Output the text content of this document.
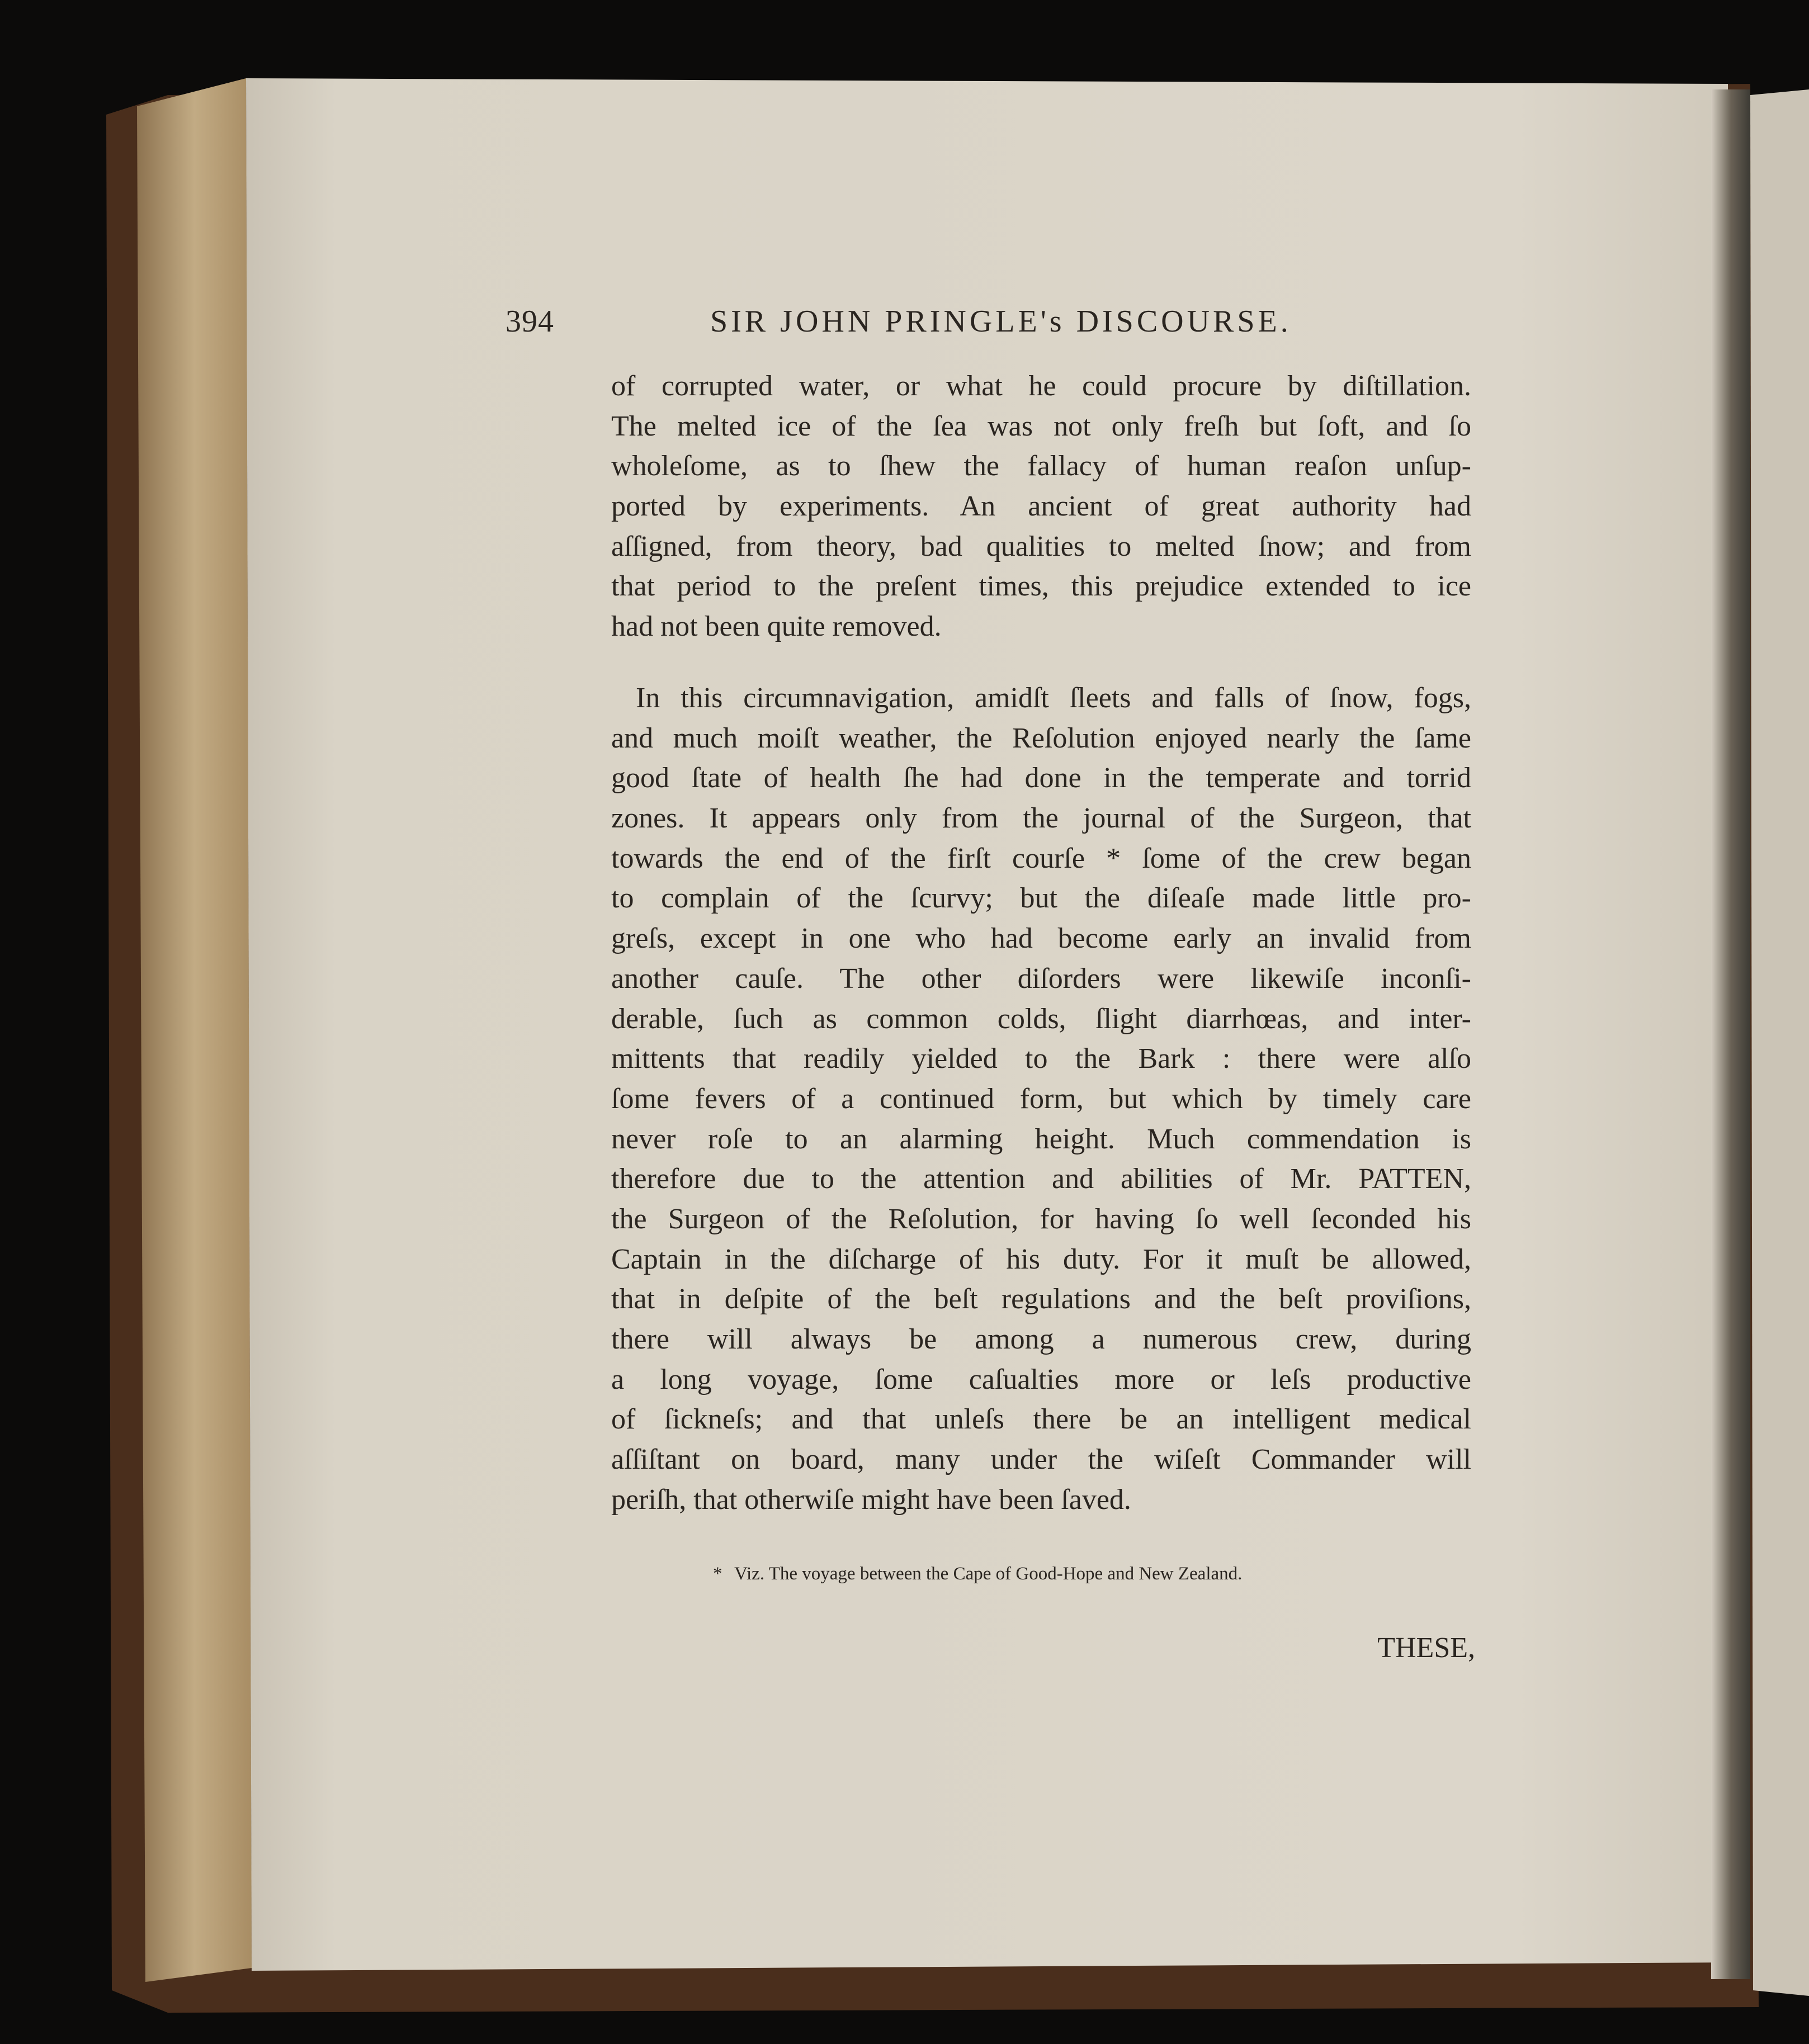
394	SIR JOHN PRINGLE's DISCOURSE.
of corrupted water, or what he could procure by diſtillation.
The melted ice of the ſea was not only freſh but ſoft, and ſo
wholeſome, as to ſhew the fallacy of human reaſon unſup-
ported by experiments. An ancient of great authority had
aſſigned, from theory, bad qualities to melted ſnow; and from
that period to the preſent times, this prejudice extended to ice
had not been quite removed.
In this circumnavigation, amidſt ſleets and falls of ſnow, fogs,
and much moiſt weather, the Reſolution enjoyed nearly the ſame
good ſtate of health ſhe had done in the temperate and torrid
zones. It appears only from the journal of the Surgeon, that
towards the end of the firſt courſe * ſome of the crew began
to complain of the ſcurvy; but the diſeaſe made little pro-
greſs, except in one who had become early an invalid from
another cauſe. The other diſorders were likewiſe inconſi-
derable, ſuch as common colds, ſlight diarrhœas, and inter-
mittents that readily yielded to the Bark : there were alſo
ſome fevers of a continued form, but which by timely care
never roſe to an alarming height. Much commendation is
therefore due to the attention and abilities of Mr. PATTEN,
the Surgeon of the Reſolution, for having ſo well ſeconded his
Captain in the diſcharge of his duty. For it muſt be allowed,
that in deſpite of the beſt regulations and the beſt proviſions,
there will always be among a numerous crew, during
a long voyage, ſome caſualties more or leſs productive
of ſickneſs; and that unleſs there be an intelligent medical
aſſiſtant on board, many under the wiſeſt Commander will
periſh, that otherwiſe might have been ſaved.
* Viz. The voyage between the Cape of Good-Hope and New Zealand.
THESE,
